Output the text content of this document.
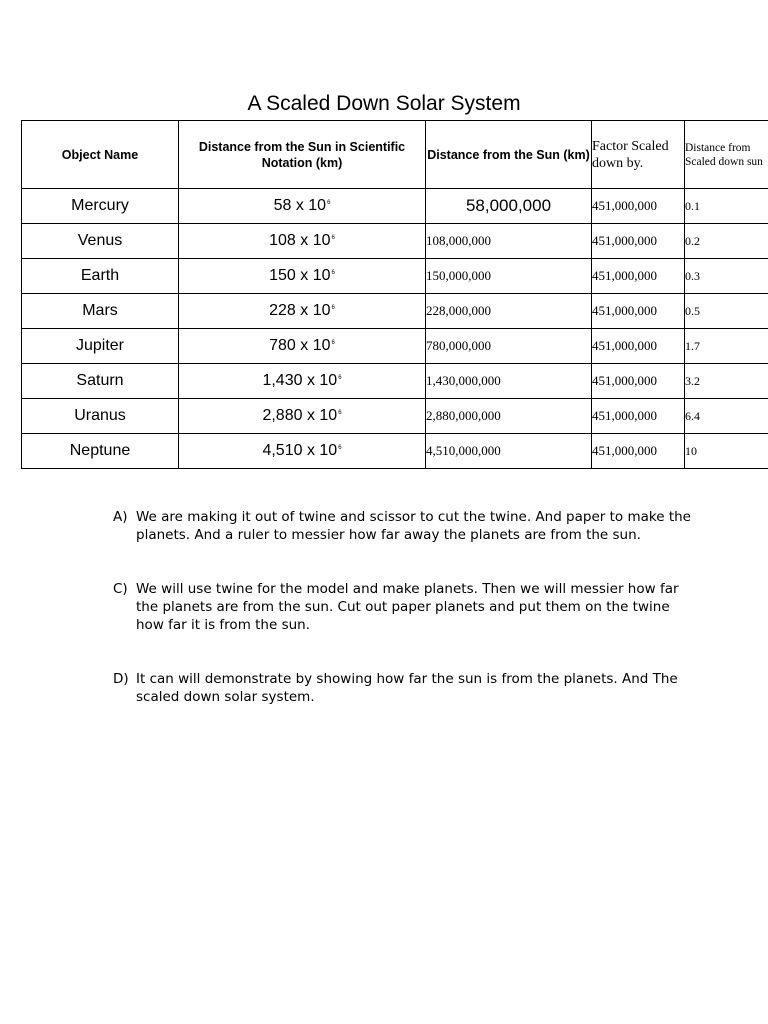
A Scaled Down Solar System
Object Name	Distance from the Sun in Scientific Notation (km)	Distance from the Sun (km)	Factor Scaled down by.	Distance from Scaled down sun
Mercury	58 x $10^6$	58,000,000	451,000,000	0.1
Venus	108 x $10^6$	108,000,000	451,000,000	0.2
Earth	150 x $10^6$	150,000,000	451,000,000	0.3
Mars	228 x $10^6$	228,000,000	451,000,000	0.5
Jupiter	780 x $10^6$	780,000,000	451,000,000	1.7
Saturn	1,430 x $10^6$	1,430,000,000	451,000,000	3.2
Uranus	2,880 x $10^6$	2,880,000,000	451,000,000	6.4
Neptune	4,510 x $10^6$	4,510,000,000	451,000,000	10
A) We are making it out of twine and scissor to cut the twine. And paper to make the planets. And a ruler to messier how far away the planets are from the sun.
C) We will use twine for the model and make planets. Then we will messier how far the planets are from the sun. Cut out paper planets and put them on the twine how far it is from the sun.
D) It can will demonstrate by showing how far the sun is from the planets. And The scaled down solar system.
